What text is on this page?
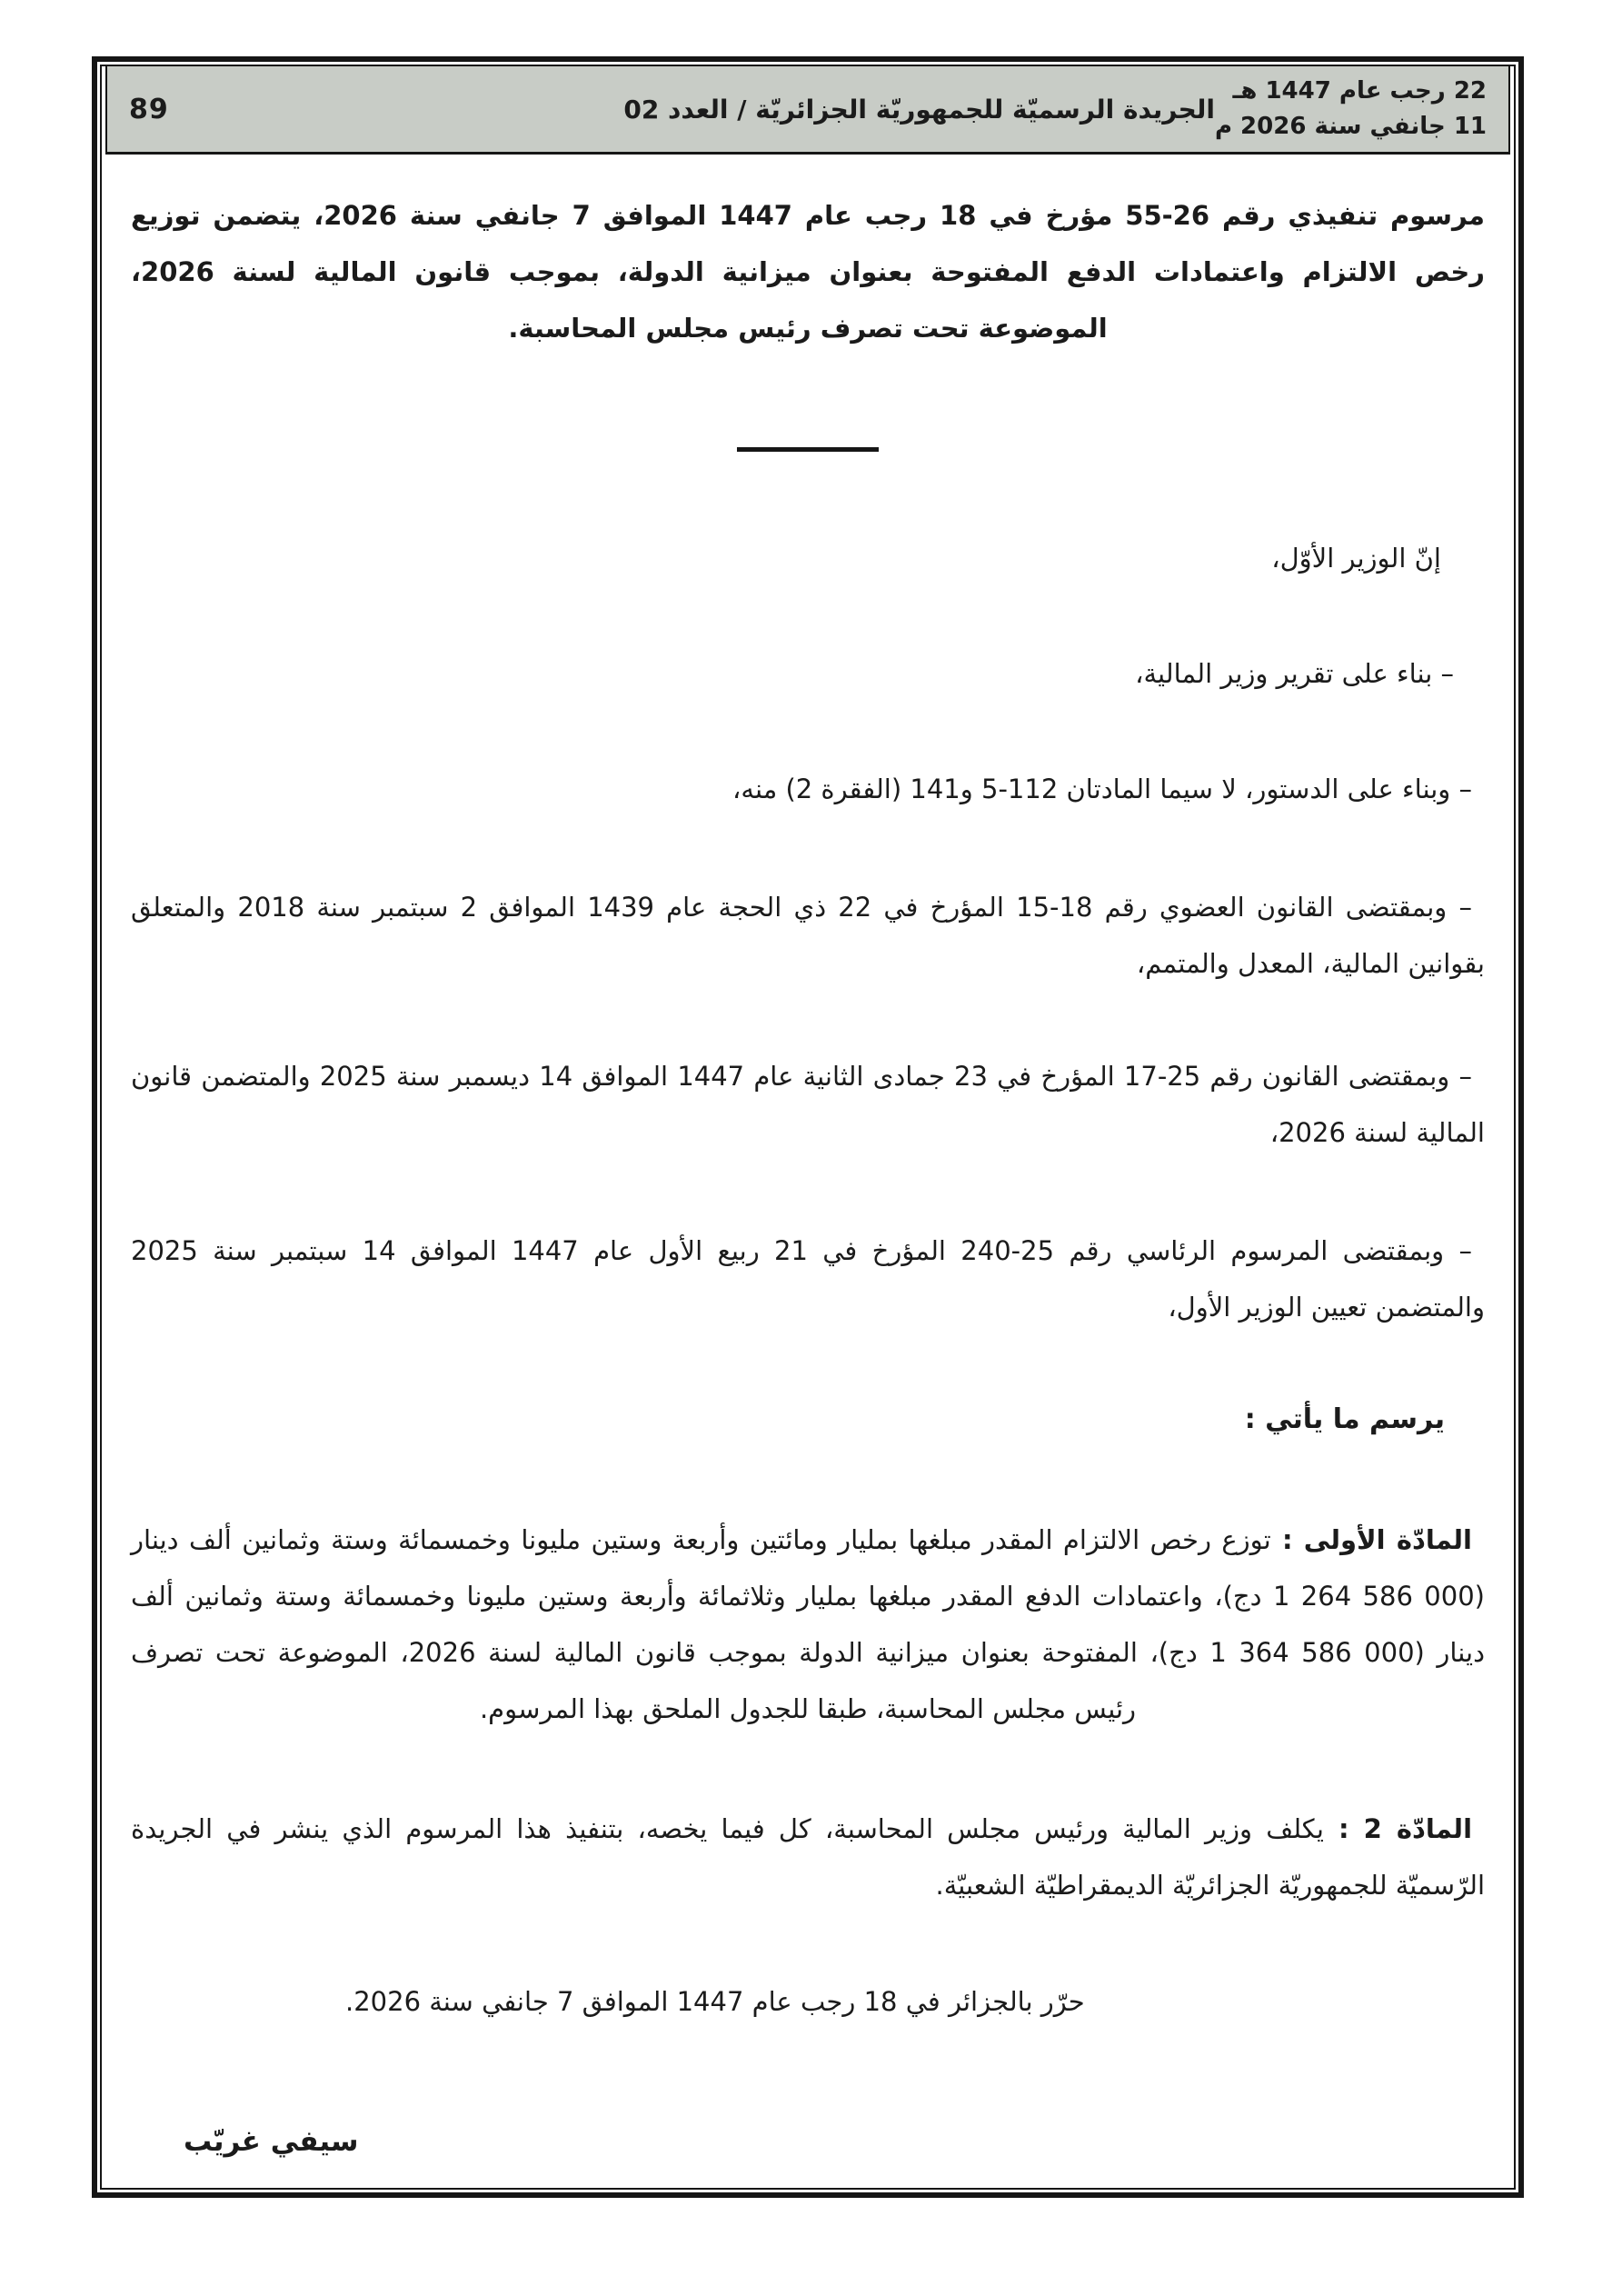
89	الجريدة الرسميّة للجمهوريّة الجزائريّة / العدد 02
22 رجب عام 1447 هـ
11 جانفي سنة 2026 م

مرسوم تنفيذي رقم 26-55 مؤرخ في 18 رجب عام 1447 الموافق 7 جانفي سنة 2026، يتضمن توزيع رخص الالتزام واعتمادات الدفع المفتوحة بعنوان ميزانية الدولة، بموجب قانون المالية لسنة 2026، الموضوعة تحت تصرف رئيس مجلس المحاسبة.

إنّ الوزير الأوّل،

– بناء على تقرير وزير المالية،

– وبناء على الدستور، لا سيما المادتان 112-5 و141 (الفقرة 2) منه،

– وبمقتضى القانون العضوي رقم 18-15 المؤرخ في 22 ذي الحجة عام 1439 الموافق 2 سبتمبر سنة 2018 والمتعلق بقوانين المالية، المعدل والمتمم،

– وبمقتضى القانون رقم 25-17 المؤرخ في 23 جمادى الثانية عام 1447 الموافق 14 ديسمبر سنة 2025 والمتضمن قانون المالية لسنة 2026،

– وبمقتضى المرسوم الرئاسي رقم 25-240 المؤرخ في 21 ربيع الأول عام 1447 الموافق 14 سبتمبر سنة 2025 والمتضمن تعيين الوزير الأول،

يرسم ما يأتي :

المادّة الأولى : توزع رخص الالتزام المقدر مبلغها بمليار ومائتين وأربعة وستين مليونا وخمسمائة وستة وثمانين ألف دينار (1 264 586 000 دج)، واعتمادات الدفع المقدر مبلغها بمليار وثلاثمائة وأربعة وستين مليونا وخمسمائة وستة وثمانين ألف دينار (1 364 586 000 دج)، المفتوحة بعنوان ميزانية الدولة بموجب قانون المالية لسنة 2026، الموضوعة تحت تصرف رئيس مجلس المحاسبة، طبقا للجدول الملحق بهذا المرسوم.

المادّة 2 : يكلف وزير المالية ورئيس مجلس المحاسبة، كل فيما يخصه، بتنفيذ هذا المرسوم الذي ينشر في الجريدة الرّسميّة للجمهوريّة الجزائريّة الديمقراطيّة الشعبيّة.

حرّر بالجزائر في 18 رجب عام 1447 الموافق 7 جانفي سنة 2026.

سيفي غريّب
